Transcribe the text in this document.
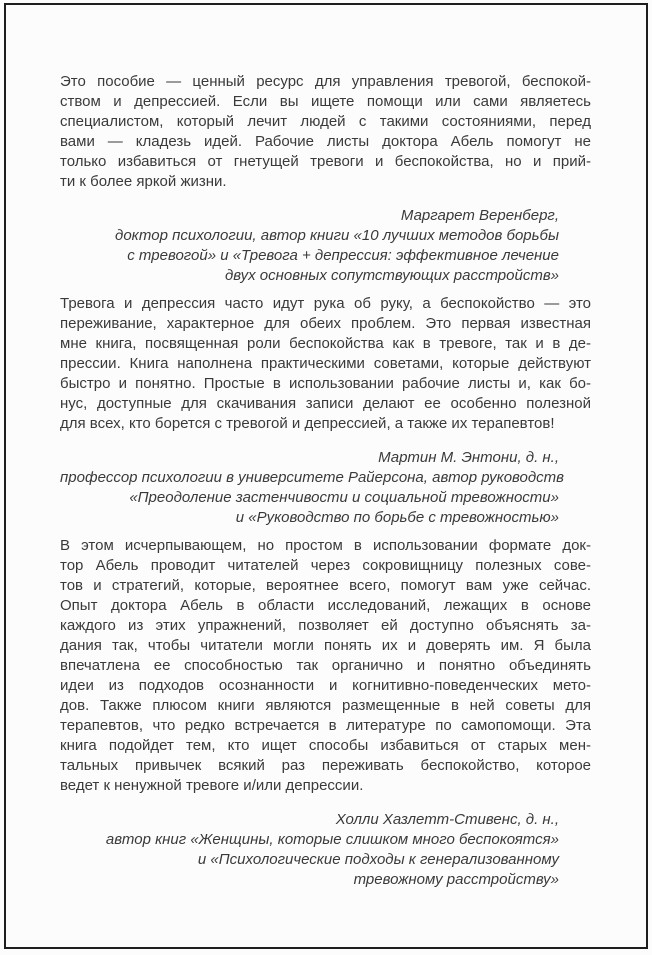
Это пособие — ценный ресурс для управления тревогой, беспокой-
ством и депрессией. Если вы ищете помощи или сами являетесь
специалистом, который лечит людей с такими состояниями, перед
вами — кладезь идей. Рабочие листы доктора Абель помогут не
только избавиться от гнетущей тревоги и беспокойства, но и прий-
ти к более яркой жизни.
Маргарет Веренберг,
доктор психологии, автор книги «10 лучших методов борьбы
с тревогой» и «Тревога + депрессия: эффективное лечение
двух основных сопутствующих расстройств»
Тревога и депрессия часто идут рука об руку, а беспокойство — это
переживание, характерное для обеих проблем. Это первая известная
мне книга, посвященная роли беспокойства как в тревоге, так и в де-
прессии. Книга наполнена практическими советами, которые действуют
быстро и понятно. Простые в использовании рабочие листы и, как бо-
нус, доступные для скачивания записи делают ее особенно полезной
для всех, кто борется с тревогой и депрессией, а также их терапевтов!
Мартин М. Энтони, д. н.,
профессор психологии в университете Райерсона, автор руководств
«Преодоление застенчивости и социальной тревожности»
и «Руководство по борьбе с тревожностью»
В этом исчерпывающем, но простом в использовании формате док-
тор Абель проводит читателей через сокровищницу полезных сове-
тов и стратегий, которые, вероятнее всего, помогут вам уже сейчас.
Опыт доктора Абель в области исследований, лежащих в основе
каждого из этих упражнений, позволяет ей доступно объяснять за-
дания так, чтобы читатели могли понять их и доверять им. Я была
впечатлена ее способностью так органично и понятно объединять
идеи из подходов осознанности и когнитивно-поведенческих мето-
дов. Также плюсом книги являются размещенные в ней советы для
терапевтов, что редко встречается в литературе по самопомощи. Эта
книга подойдет тем, кто ищет способы избавиться от старых мен-
тальных привычек всякий раз переживать беспокойство, которое
ведет к ненужной тревоге и/или депрессии.
Холли Хазлетт-Стивенс, д. н.,
автор книг «Женщины, которые слишком много беспокоятся»
и «Психологические подходы к генерализованному
тревожному расстройству»
